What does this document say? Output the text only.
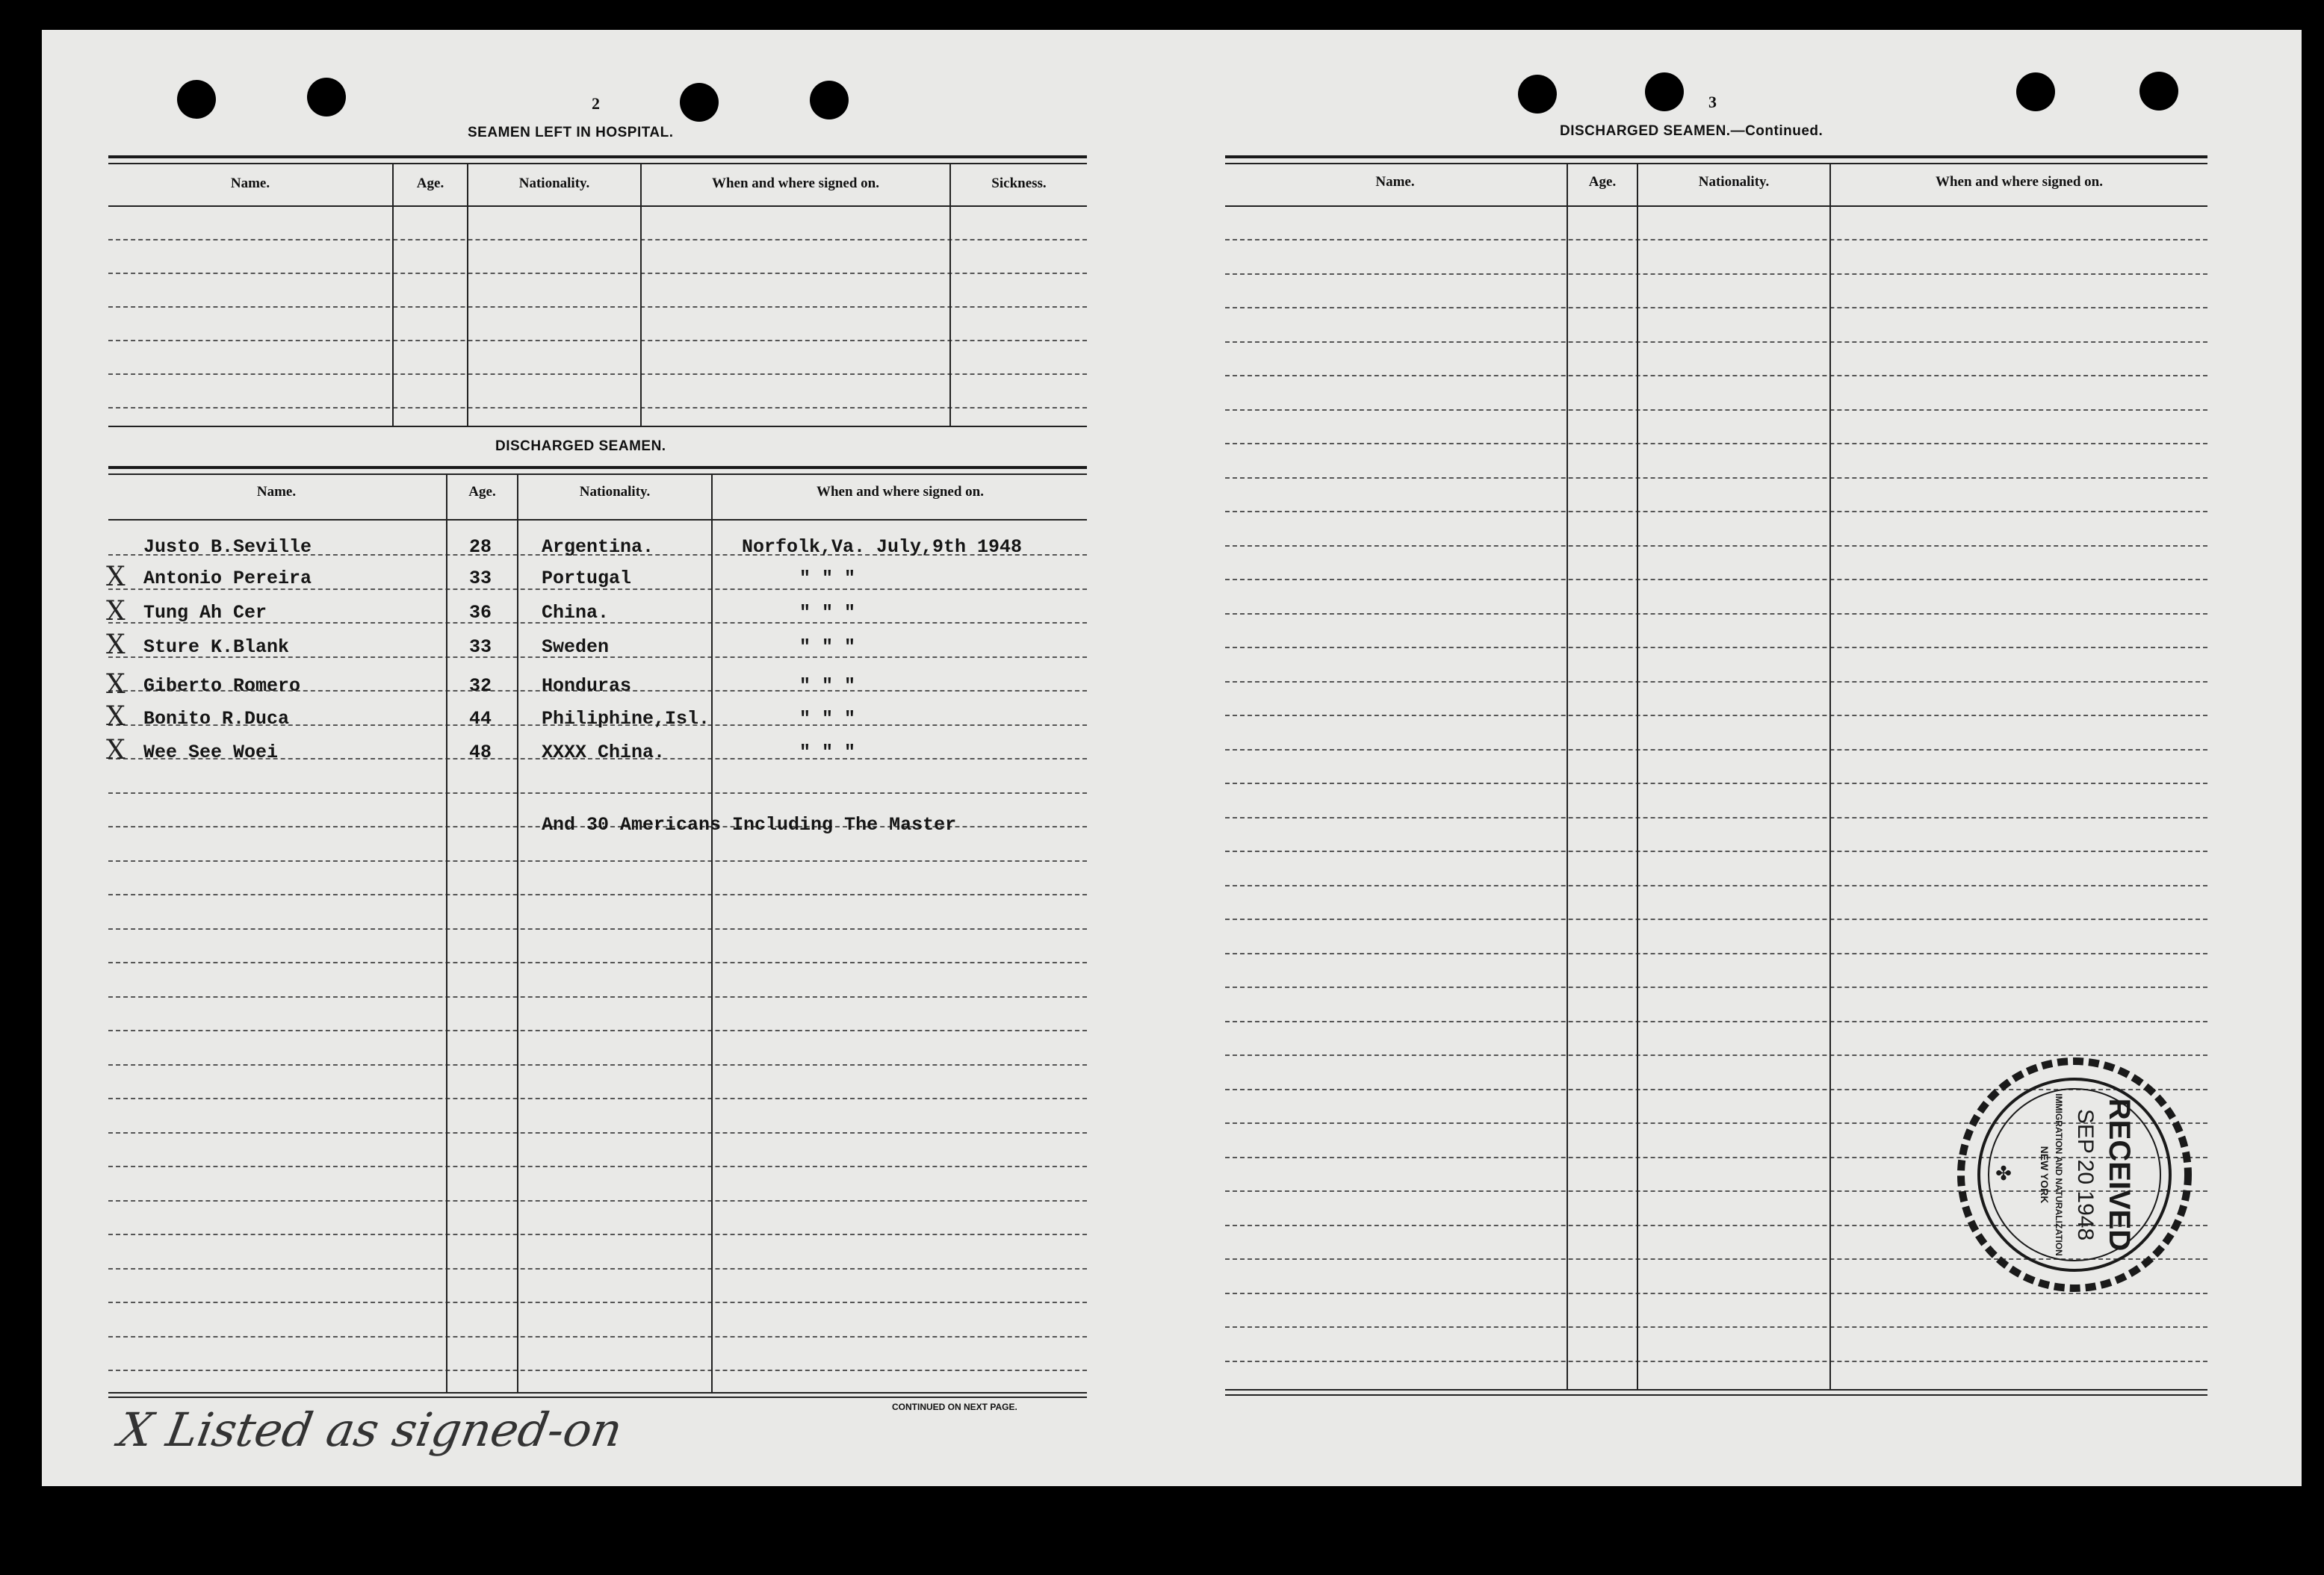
2
SEAMEN LEFT IN HOSPITAL.
Name.	Age.	Nationality.	When and where signed on.	Sickness.
DISCHARGED SEAMEN.
Name.	Age.	Nationality.	When and where signed on.
Justo B.Seville	28	Argentina.	Norfolk,Va. July,9th 1948
X Antonio Pereira	33	Portugal	" " "
X Tung Ah Cer	36	China.	" " "
X Sture K.Blank	33	Sweden	" " "
X Giberto Romero	32	Honduras	" " "
X Bonito R.Duca	44	Philiphine,Isl.	" " "
X Wee See Woei	48	XXXX China.	" " "
And 30 Americans Including The Master
CONTINUED ON NEXT PAGE.
X Listed as signed-on
3
DISCHARGED SEAMEN.—Continued.
Name.	Age.	Nationality.	When and where signed on.
RECEIVED
SEP 20 1948
IMMIGRATION AND NATURALIZATION
NEW YORK
✤
